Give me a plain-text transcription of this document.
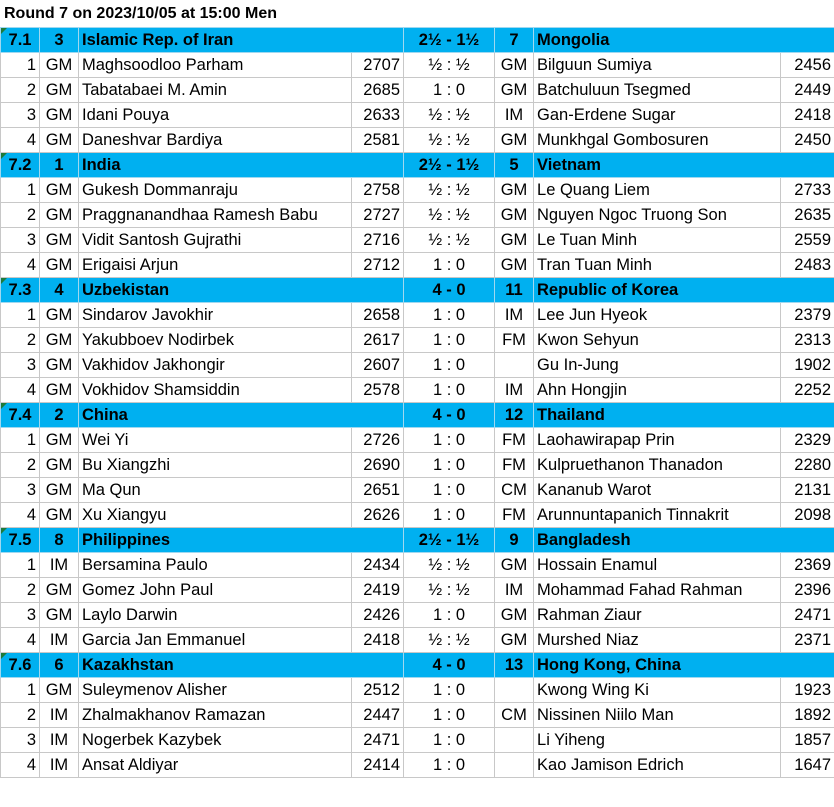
Round 7 on 2023/10/05 at 15:00 Men
7.1	3	Islamic Rep. of Iran		2½ - 1½	7	Mongolia	
1	GM	Maghsoodloo Parham	2707	½ : ½	GM	Bilguun Sumiya	2456
2	GM	Tabatabaei M. Amin	2685	1 : 0	GM	Batchuluun Tsegmed	2449
3	GM	Idani Pouya	2633	½ : ½	IM	Gan-Erdene Sugar	2418
4	GM	Daneshvar Bardiya	2581	½ : ½	GM	Munkhgal Gombosuren	2450
7.2	1	India		2½ - 1½	5	Vietnam	
1	GM	Gukesh Dommanraju	2758	½ : ½	GM	Le Quang Liem	2733
2	GM	Praggnanandhaa Ramesh Babu	2727	½ : ½	GM	Nguyen Ngoc Truong Son	2635
3	GM	Vidit Santosh Gujrathi	2716	½ : ½	GM	Le Tuan Minh	2559
4	GM	Erigaisi Arjun	2712	1 : 0	GM	Tran Tuan Minh	2483
7.3	4	Uzbekistan		4 - 0	11	Republic of Korea	
1	GM	Sindarov Javokhir	2658	1 : 0	IM	Lee Jun Hyeok	2379
2	GM	Yakubboev Nodirbek	2617	1 : 0	FM	Kwon Sehyun	2313
3	GM	Vakhidov Jakhongir	2607	1 : 0		Gu In-Jung	1902
4	GM	Vokhidov Shamsiddin	2578	1 : 0	IM	Ahn Hongjin	2252
7.4	2	China		4 - 0	12	Thailand	
1	GM	Wei Yi	2726	1 : 0	FM	Laohawirapap Prin	2329
2	GM	Bu Xiangzhi	2690	1 : 0	FM	Kulpruethanon Thanadon	2280
3	GM	Ma Qun	2651	1 : 0	CM	Kananub Warot	2131
4	GM	Xu Xiangyu	2626	1 : 0	FM	Arunnuntapanich Tinnakrit	2098
7.5	8	Philippines		2½ - 1½	9	Bangladesh	
1	IM	Bersamina Paulo	2434	½ : ½	GM	Hossain Enamul	2369
2	GM	Gomez John Paul	2419	½ : ½	IM	Mohammad Fahad Rahman	2396
3	GM	Laylo Darwin	2426	1 : 0	GM	Rahman Ziaur	2471
4	IM	Garcia Jan Emmanuel	2418	½ : ½	GM	Murshed Niaz	2371
7.6	6	Kazakhstan		4 - 0	13	Hong Kong, China	
1	GM	Suleymenov Alisher	2512	1 : 0		Kwong Wing Ki	1923
2	IM	Zhalmakhanov Ramazan	2447	1 : 0	CM	Nissinen Niilo Man	1892
3	IM	Nogerbek Kazybek	2471	1 : 0		Li Yiheng	1857
4	IM	Ansat Aldiyar	2414	1 : 0		Kao Jamison Edrich	1647
